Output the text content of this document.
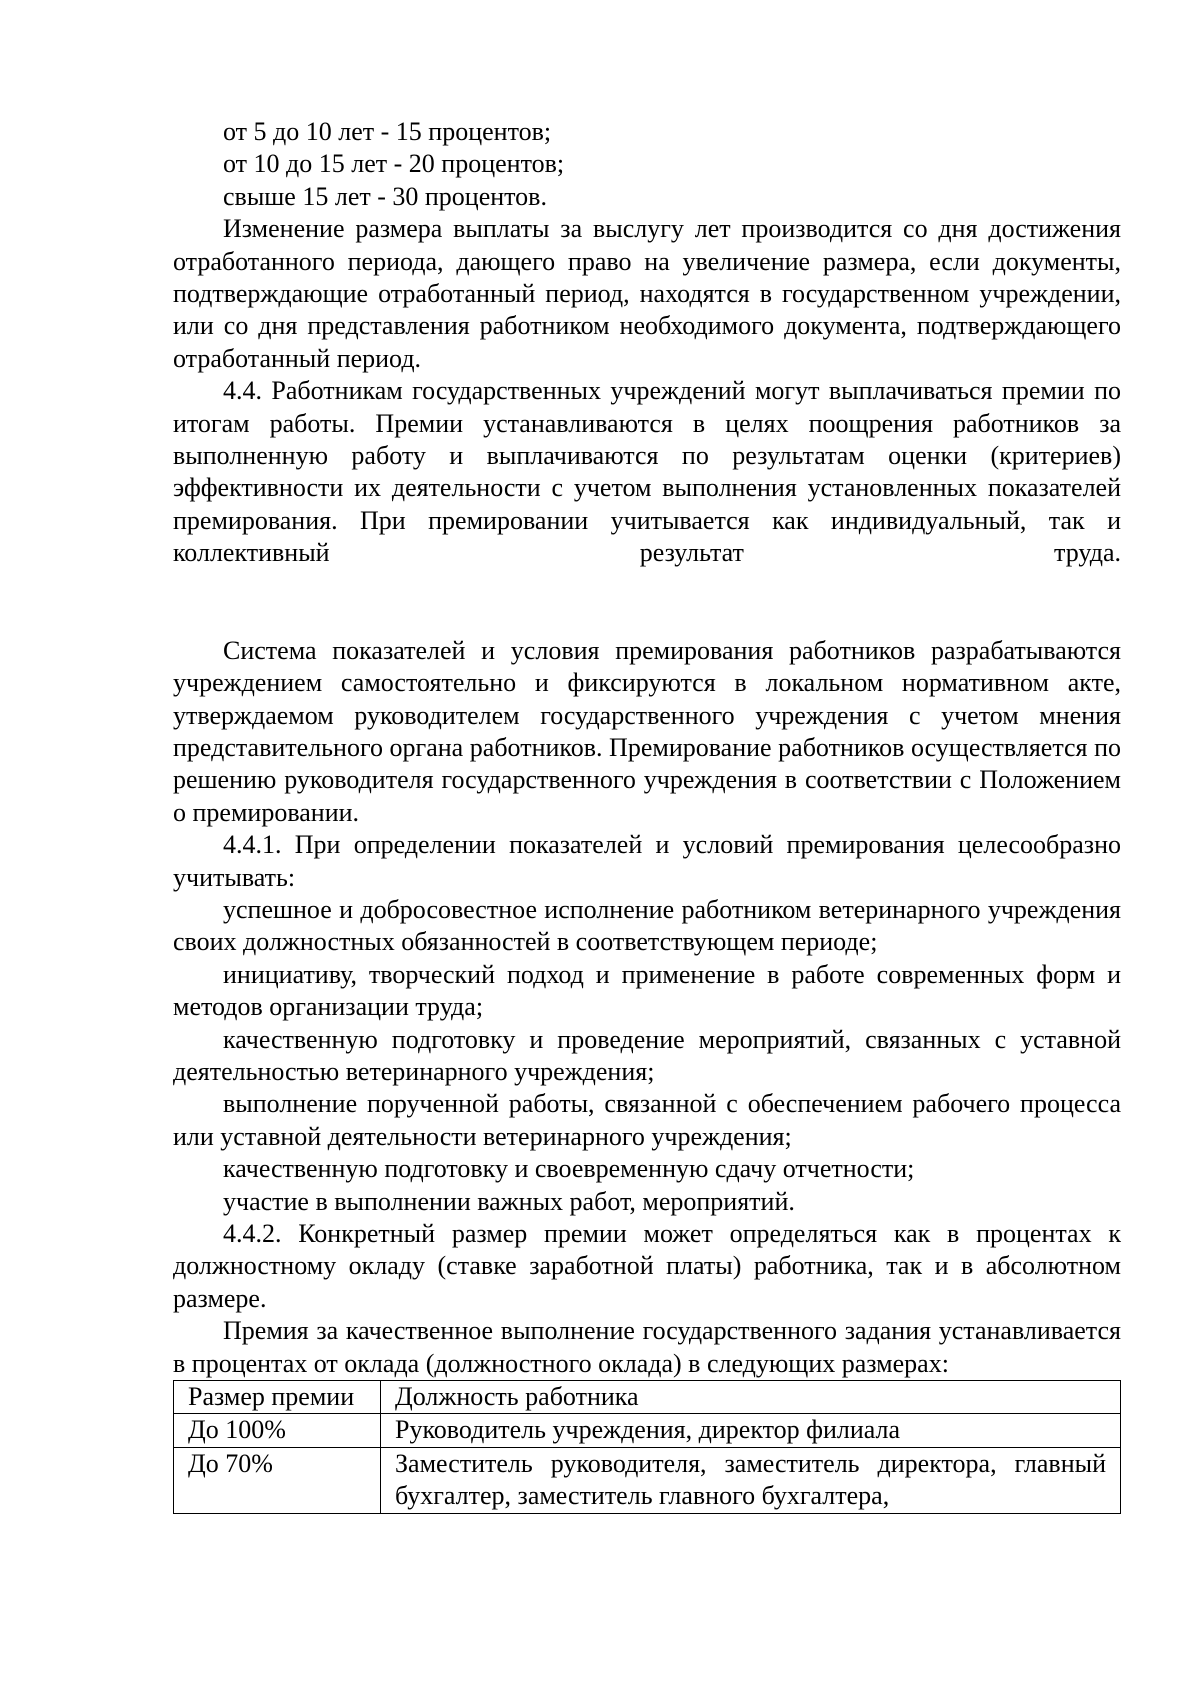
от 5 до 10 лет - 15 процентов;

от 10 до 15 лет - 20 процентов;

свыше 15 лет - 30 процентов.

Изменение размера выплаты за выслугу лет производится со дня достижения отработанного периода, дающего право на увеличение размера, если документы, подтверждающие отработанный период, находятся в государственном учреждении, или со дня представления работником необходимого документа, подтверждающего отработанный период.

4.4. Работникам государственных учреждений могут выплачиваться премии по итогам работы. Премии устанавливаются в целях поощрения работников за выполненную работу и выплачиваются по результатам оценки (критериев) эффективности их деятельности с учетом выполнения установленных показателей премирования. При премировании учитывается как индивидуальный, так и коллективный результат труда.

Система показателей и условия премирования работников разрабатываются учреждением самостоятельно и фиксируются в локальном нормативном акте, утверждаемом руководителем государственного учреждения с учетом мнения представительного органа работников. Премирование работников осуществляется по решению руководителя государственного учреждения в соответствии с Положением о премировании.

4.4.1. При определении показателей и условий премирования целесообразно учитывать:

успешное и добросовестное исполнение работником ветеринарного учреждения своих должностных обязанностей в соответствующем периоде;

инициативу, творческий подход и применение в работе современных форм и методов организации труда;

качественную подготовку и проведение мероприятий, связанных с уставной деятельностью ветеринарного учреждения;

выполнение порученной работы, связанной с обеспечением рабочего процесса или уставной деятельности ветеринарного учреждения;

качественную подготовку и своевременную сдачу отчетности;

участие в выполнении важных работ, мероприятий.

4.4.2. Конкретный размер премии может определяться как в процентах к должностному окладу (ставке заработной платы) работника, так и в абсолютном размере.

Премия за качественное выполнение государственного задания устанавливается в процентах от оклада (должностного оклада) в следующих размерах:

Размер премии	Должность работника
До 100%	Руководитель учреждения, директор филиала
До 70%	Заместитель руководителя, заместитель директора, главный бухгалтер, заместитель главного бухгалтера,
